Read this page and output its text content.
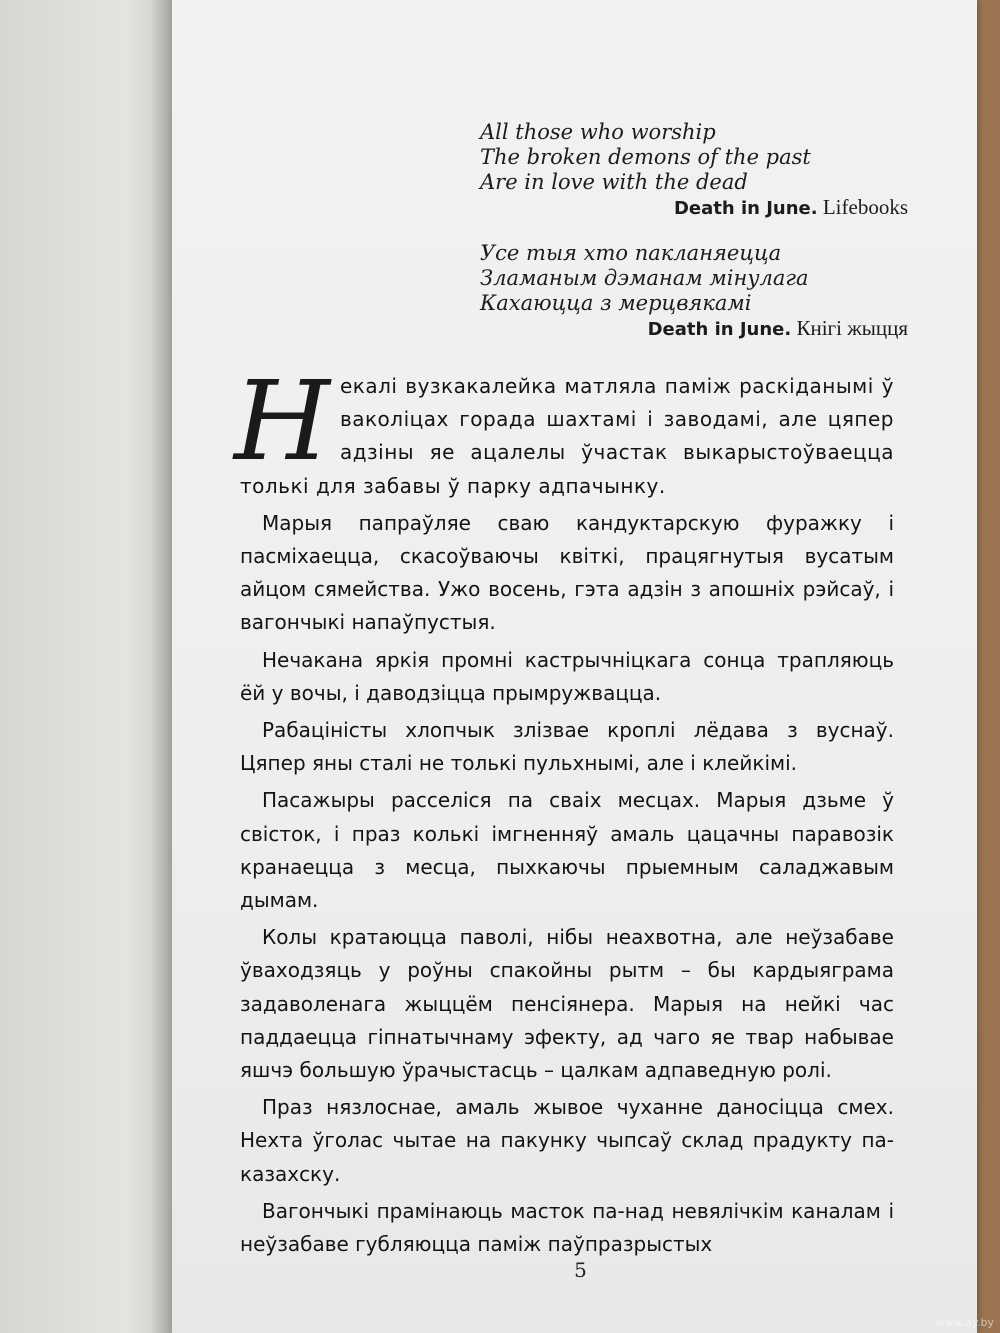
All those who worship
The broken demons of the past
Are in love with the dead
Death in June. Lifebooks
Усе тыя хто пакланяецца
Зламаным дэманам мінулага
Кахаюцца з мерцвякамі
Death in June. Кнігі жыцця

Некалі вузкакалейка матляла паміж раскіданымі ў ваколіцах горада шахтамі і заводамі, але цяпер адзіны яе ацалелы ўчастак выкарыстоўваецца толькі для забавы ў парку адпачынку.

Марыя папраўляе сваю кандуктарскую фуражку і пасміхаецца, скасоўваючы квіткі, працягнутыя вусатым айцом сямейства. Ужо восень, гэта адзін з апошніх рэйсаў, і вагончыкі напаўпустыя.

Нечакана яркія промні кастрычніцкага сонца трапляюць ёй у вочы, і даводзіцца прымружвацца.

Рабаціністы хлопчык злізвае кроплі лёдава з вуснаў. Цяпер яны сталі не толькі пульхнымі, але і клейкімі.

Пасажыры расселіся па сваіх месцах. Марыя дзьме ў свісток, і праз колькі імгненняў амаль цацачны паравозік кранаецца з месца, пыхкаючы прыемным саладжавым дымам.

Колы кратаюцца паволі, нібы неахвотна, але неўзабаве ўваходзяць у роўны спакойны рытм – бы кардыяграма задаволенага жыццём пенсіянера. Марыя на нейкі час паддаецца гіпнатычнаму эфекту, ад чаго яе твар набывае яшчэ большую ўрачыстасць – цалкам адпаведную ролі.

Праз нязлоснае, амаль жывое чуханне даносіцца смех. Нехта ўголас чытае на пакунку чыпсаў склад прадукту па-казахску.

Вагончыкі прамінаюць масток па-над невялічкім каналам і неўзабаве губляюцца паміж паўпразрыстых

5
www.ay.by
